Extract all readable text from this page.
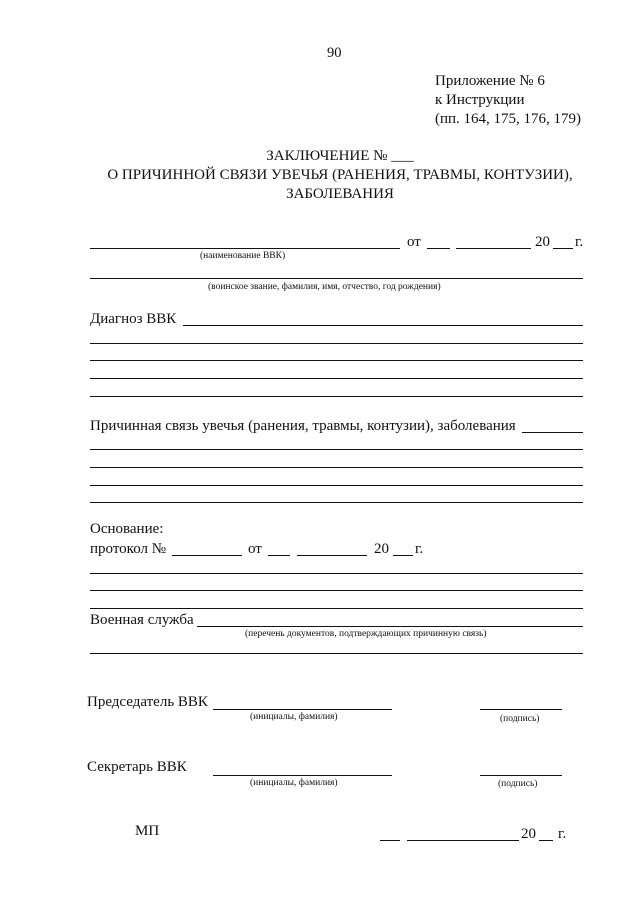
90
Приложение № 6
к Инструкции
(пп. 164, 175, 176, 179)
ЗАКЛЮЧЕНИЕ № ___
О ПРИЧИННОЙ СВЯЗИ УВЕЧЬЯ (РАНЕНИЯ, ТРАВМЫ, КОНТУЗИИ),
ЗАБОЛЕВАНИЯ
от	20 г.
(наименование ВВК)
(воинское звание, фамилия, имя, отчество, год рождения)
Диагноз ВВК
Причинная связь увечья (ранения, травмы, контузии), заболевания
Основание:
протокол №	от	20 г.
Военная служба
(перечень документов, подтверждающих причинную связь)
Председатель ВВК
(инициалы, фамилия)	(подпись)
Секретарь ВВК
(инициалы, фамилия)	(подпись)
МП	20 г.
